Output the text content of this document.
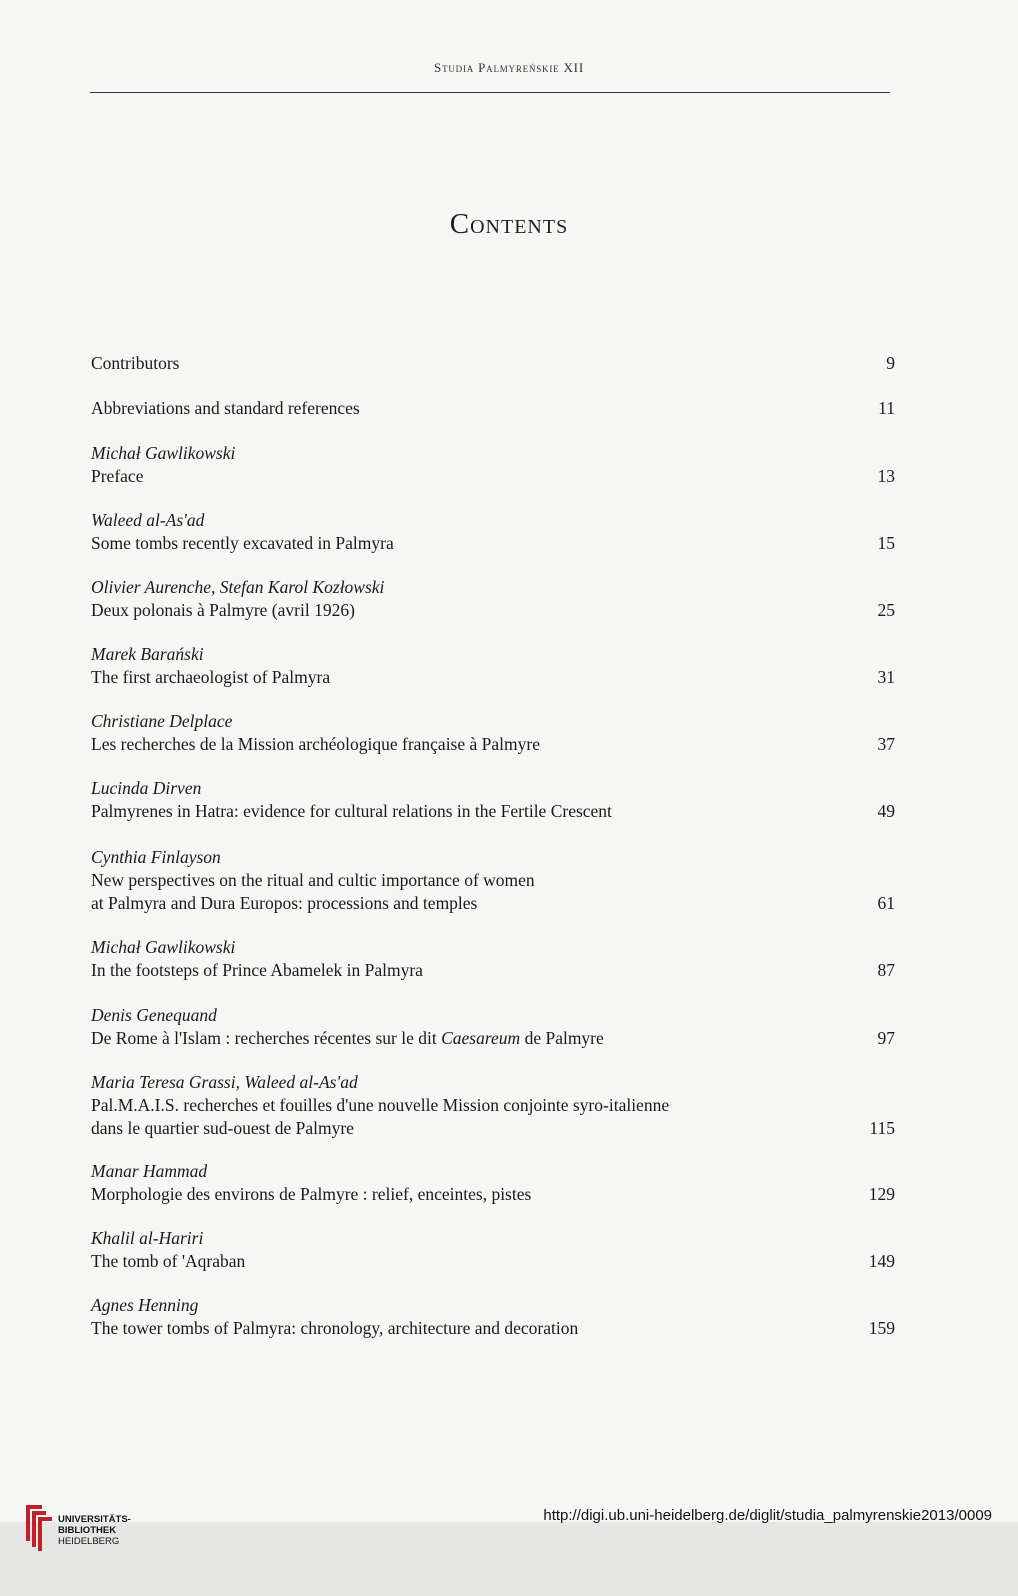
Studia Palmyreńskie XII
Contents
Contributors	9
Abbreviations and standard references	11
Michał Gawlikowski
Preface	13
Waleed al-As'ad
Some tombs recently excavated in Palmyra	15
Olivier Aurenche, Stefan Karol Kozłowski
Deux polonais à Palmyre (avril 1926)	25
Marek Barański
The first archaeologist of Palmyra	31
Christiane Delplace
Les recherches de la Mission archéologique française à Palmyre	37
Lucinda Dirven
Palmyrenes in Hatra: evidence for cultural relations in the Fertile Crescent	49
Cynthia Finlayson
New perspectives on the ritual and cultic importance of women
at Palmyra and Dura Europos: processions and temples	61
Michał Gawlikowski
In the footsteps of Prince Abamelek in Palmyra	87
Denis Genequand
De Rome à l'Islam : recherches récentes sur le dit Caesareum de Palmyre	97
Maria Teresa Grassi, Waleed al-As'ad
Pal.M.A.I.S. recherches et fouilles d'une nouvelle Mission conjointe syro-italienne
dans le quartier sud-ouest de Palmyre	115
Manar Hammad
Morphologie des environs de Palmyre : relief, enceintes, pistes	129
Khalil al-Hariri
The tomb of 'Aqraban	149
Agnes Henning
The tower tombs of Palmyra: chronology, architecture and decoration	159
UNIVERSITÄTS-
BIBLIOTHEK
HEIDELBERG
http://digi.ub.uni-heidelberg.de/diglit/studia_palmyrenskie2013/0009
